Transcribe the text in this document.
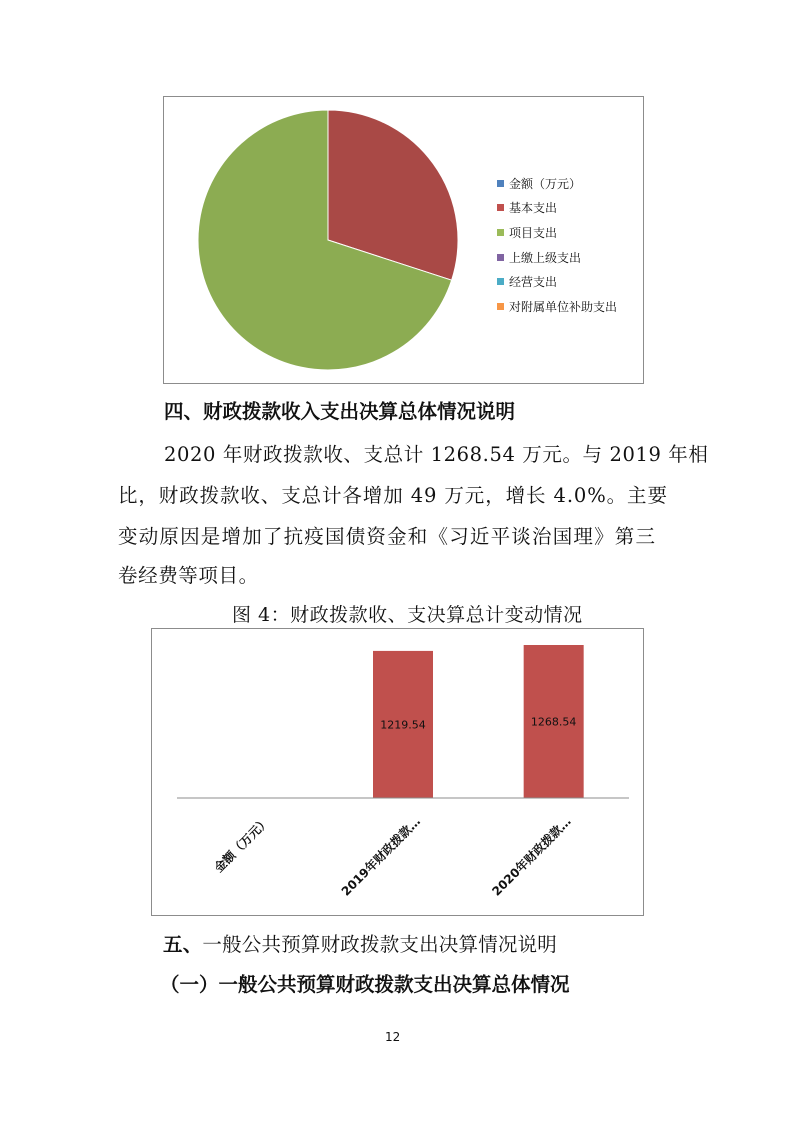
金额（万元）
基本支出
项目支出
上缴上级支出
经营支出
对附属单位补助支出
四、财政拨款收入支出决算总体情况说明
2020 年财政拨款收、支总计 1268.54 万元。与 2019 年相
比，财政拨款收、支总计各增加 49 万元，增长 4.0%。主要
变动原因是增加了抗疫国债资金和《习近平谈治国理》第三
卷经费等项目。
图 4：财政拨款收、支决算总计变动情况
金额（万元）
1219.54
2019年财政拨款…
1268.54
2020年财政拨款…
五、一般公共预算财政拨款支出决算情况说明
（一）一般公共预算财政拨款支出决算总体情况
12
